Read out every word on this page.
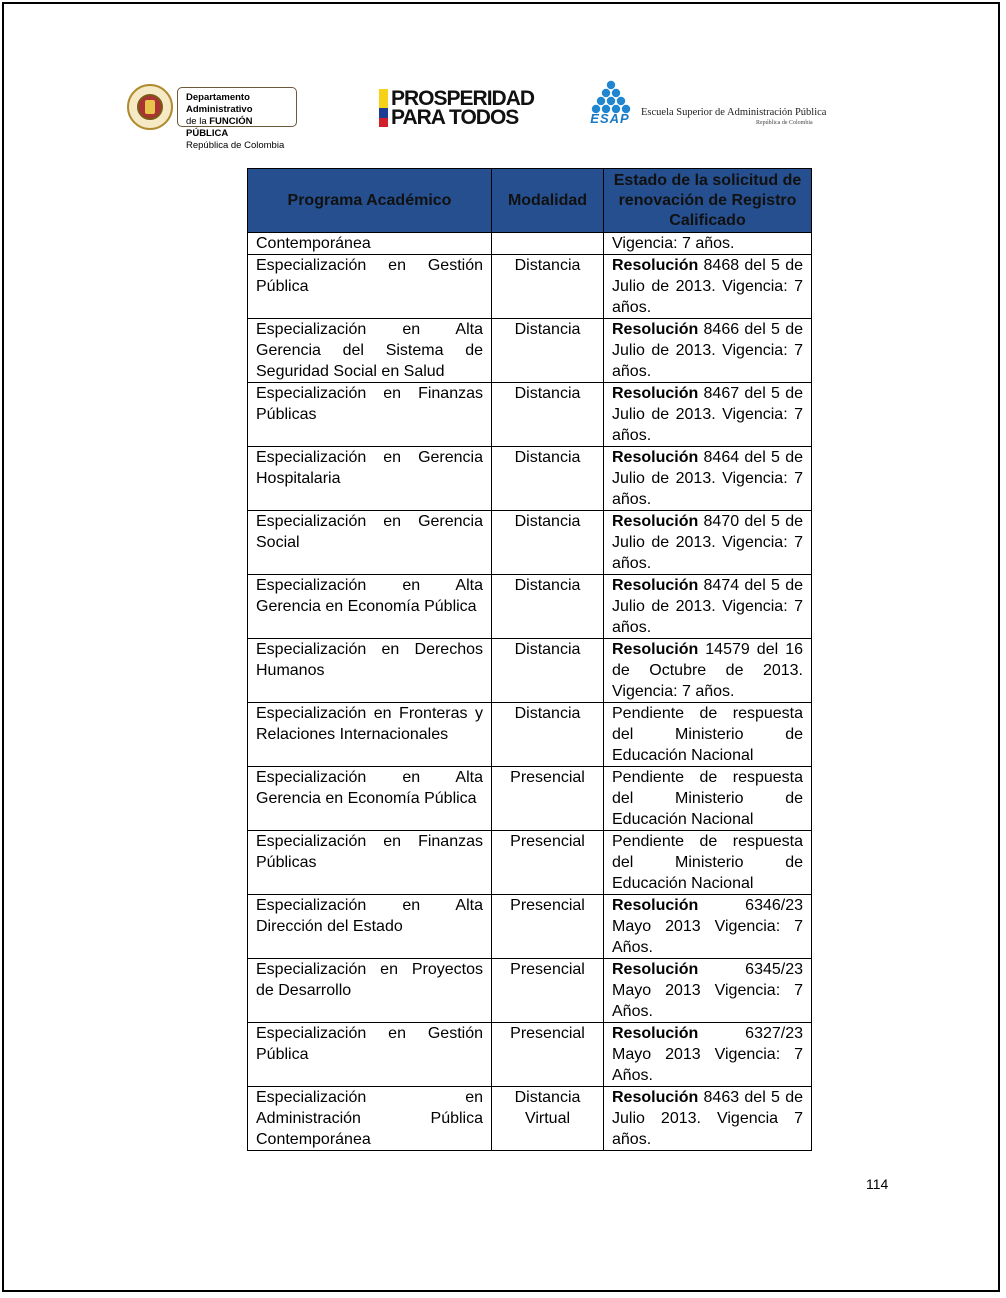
Departamento Administrativo
de la FUNCIÓN PÚBLICA
República de Colombia
PROSPERIDAD
PARA TODOS	ESAP	Escuela Superior de Administración Pública
República de Colombia
Programa Académico	Modalidad	Estado de la solicitud de renovación de Registro Calificado
Contemporánea		Vigencia: 7 años.
Especialización en Gestión Pública	Distancia	Resolución 8468 del 5 de Julio de 2013. Vigencia: 7 años.
Especialización en Alta Gerencia del Sistema de Seguridad Social en Salud	Distancia	Resolución 8466 del 5 de Julio de 2013. Vigencia: 7 años.
Especialización en Finanzas Públicas	Distancia	Resolución 8467 del 5 de Julio de 2013. Vigencia: 7 años.
Especialización en Gerencia Hospitalaria	Distancia	Resolución 8464 del 5 de Julio de 2013. Vigencia: 7 años.
Especialización en Gerencia Social	Distancia	Resolución 8470 del 5 de Julio de 2013. Vigencia: 7 años.
Especialización en Alta Gerencia en Economía Pública	Distancia	Resolución 8474 del 5 de Julio de 2013. Vigencia: 7 años.
Especialización en Derechos Humanos	Distancia	Resolución 14579 del 16 de Octubre de 2013. Vigencia: 7 años.
Especialización en Fronteras y Relaciones Internacionales	Distancia	Pendiente de respuesta del Ministerio de Educación Nacional
Especialización en Alta Gerencia en Economía Pública	Presencial	Pendiente de respuesta del Ministerio de Educación Nacional
Especialización en Finanzas Públicas	Presencial	Pendiente de respuesta del Ministerio de Educación Nacional
Especialización en Alta Dirección del Estado	Presencial	Resolución 6346/23 Mayo 2013 Vigencia: 7 Años.
Especialización en Proyectos de Desarrollo	Presencial	Resolución 6345/23 Mayo 2013 Vigencia: 7 Años.
Especialización en Gestión Pública	Presencial	Resolución 6327/23 Mayo 2013 Vigencia: 7 Años.
Especialización en Administración Pública Contemporánea	Distancia Virtual	Resolución 8463 del 5 de Julio 2013. Vigencia 7 años.
114
